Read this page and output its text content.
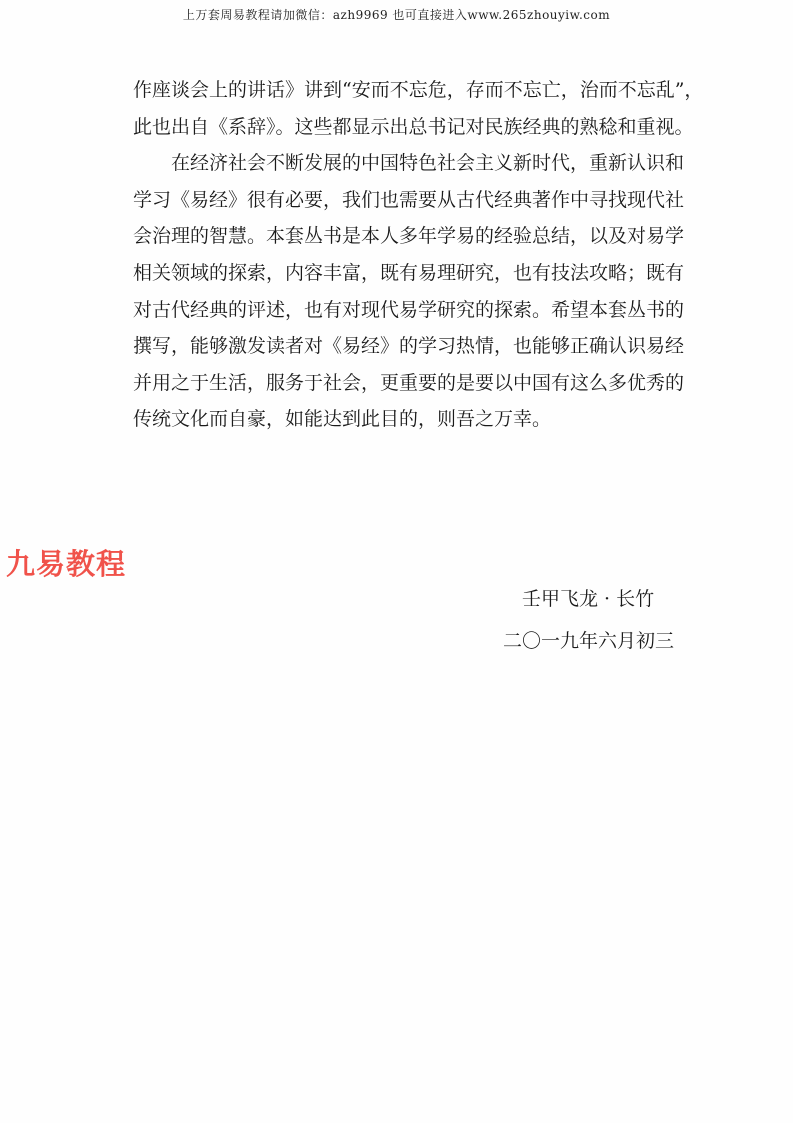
上万套周易教程请加微信：azh9969 也可直接进入www.265zhouyiw.com

作座谈会上的讲话》讲到“安而不忘危，存而不忘亡，治而不忘乱”，

此也出自《系辞》。这些都显示出总书记对民族经典的熟稔和重视。

在经济社会不断发展的中国特色社会主义新时代，重新认识和

学习《易经》很有必要，我们也需要从古代经典著作中寻找现代社

会治理的智慧。本套丛书是本人多年学易的经验总结，以及对易学

相关领域的探索，内容丰富，既有易理研究，也有技法攻略；既有

对古代经典的评述，也有对现代易学研究的探索。希望本套丛书的

撰写，能够激发读者对《易经》的学习热情，也能够正确认识易经

并用之于生活，服务于社会，更重要的是要以中国有这么多优秀的

传统文化而自豪，如能达到此目的，则吾之万幸。

九易教程
壬甲飞龙 · 长竹
二〇一九年六月初三
